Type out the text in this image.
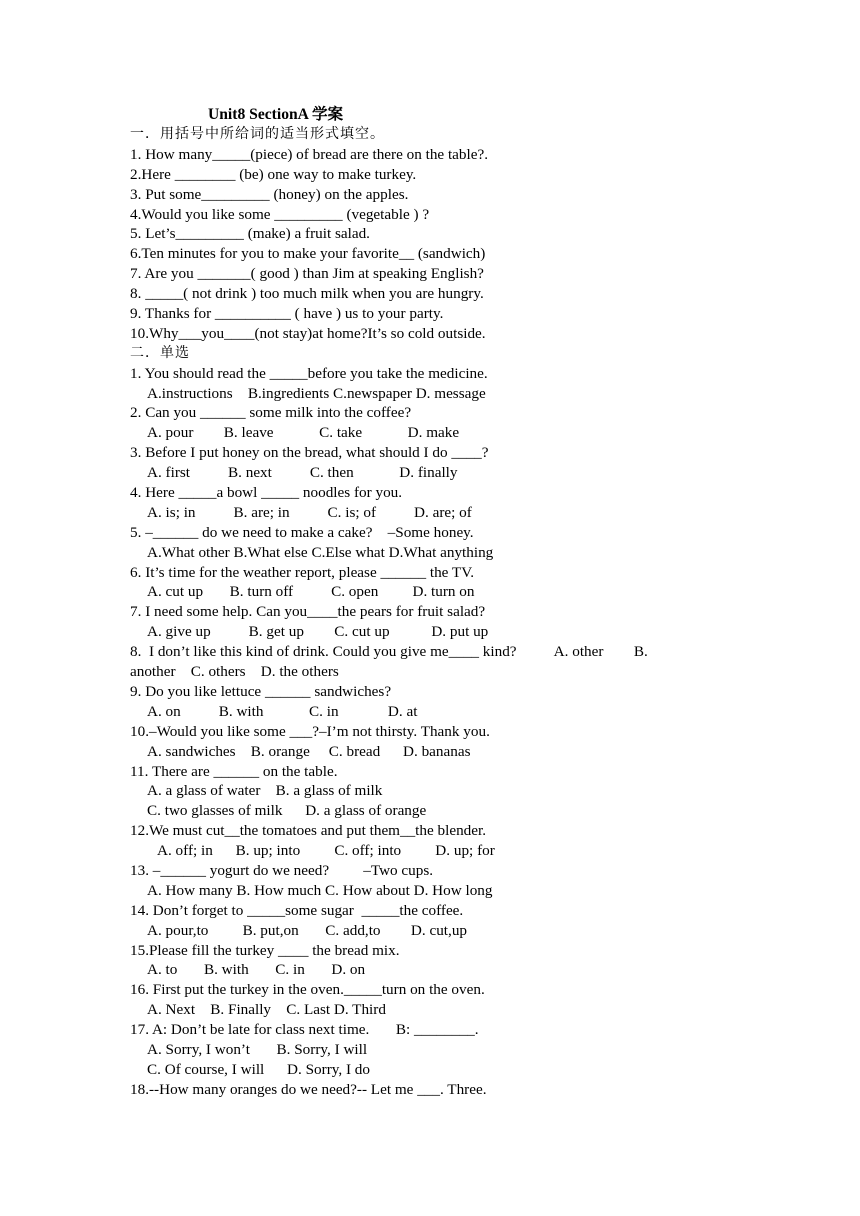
Unit8 SectionA 学案
一．用括号中所给词的适当形式填空。
1. How many_____(piece) of bread are there on the table?.
2.Here ________ (be) one way to make turkey.
3. Put some_________ (honey) on the apples.
4.Would you like some _________ (vegetable ) ?
5. Let’s_________ (make) a fruit salad.
6.Ten minutes for you to make your favorite__ (sandwich)
7. Are you _______( good ) than Jim at speaking English?
8. _____( not drink ) too much milk when you are hungry.
9. Thanks for __________ ( have ) us to your party.
10.Why___you____(not stay)at home?It’s so cold outside.
二．单选
1. You should read the _____before you take the medicine.
A.instructions    B.ingredients C.newspaper D. message
2. Can you ______ some milk into the coffee?
A. pour        B. leave            C. take            D. make
3. Before I put honey on the bread, what should I do ____?
A. first          B. next          C. then            D. finally
4. Here _____a bowl _____ noodles for you.
A. is; in          B. are; in          C. is; of          D. are; of
5. –______ do we need to make a cake?    –Some honey.
A.What other B.What else C.Else what D.What anything
6. It’s time for the weather report, please ______ the TV.
A. cut up       B. turn off          C. open         D. turn on
7. I need some help. Can you____the pears for fruit salad?
A. give up          B. get up        C. cut up           D. put up
8.  I don’t like this kind of drink. Could you give me____ kind?          A. other        B.
another    C. others    D. the others
9. Do you like lettuce ______ sandwiches?
A. on          B. with            C. in             D. at
10.–Would you like some ___?–I’m not thirsty. Thank you.
A. sandwiches    B. orange     C. bread      D. bananas
11. There are ______ on the table.
A. a glass of water    B. a glass of milk
C. two glasses of milk      D. a glass of orange
12.We must cut__the tomatoes and put them__the blender.
A. off; in      B. up; into         C. off; into         D. up; for
13. –______ yogurt do we need?         –Two cups.
A. How many B. How much C. How about D. How long
14. Don’t forget to _____some sugar  _____the coffee.
A. pour,to         B. put,on       C. add,to        D. cut,up
15.Please fill the turkey ____ the bread mix.
A. to       B. with       C. in       D. on
16. First put the turkey in the oven._____turn on the oven.
A. Next    B. Finally    C. Last D. Third
17. A: Don’t be late for class next time.       B: ________.
A. Sorry, I won’t       B. Sorry, I will
C. Of course, I will      D. Sorry, I do
18.--How many oranges do we need?-- Let me ___. Three.
